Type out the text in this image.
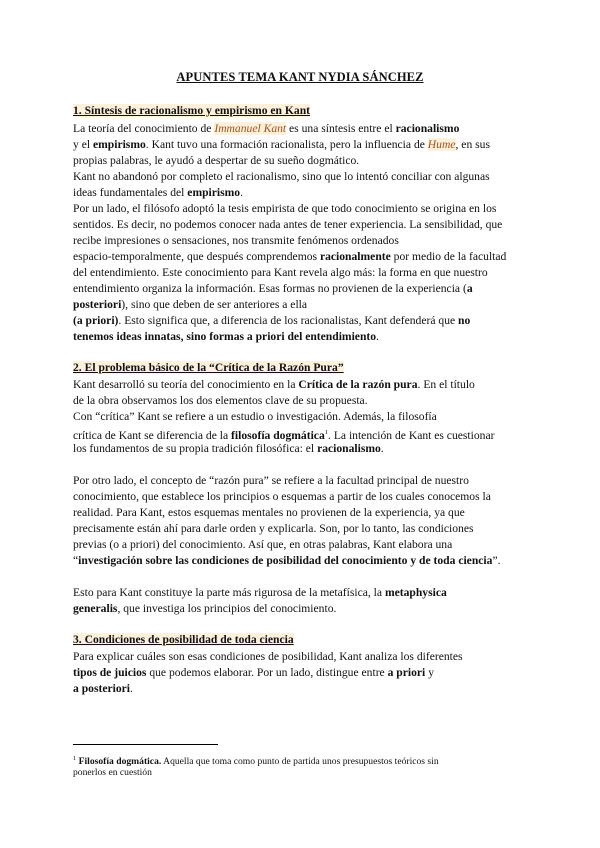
APUNTES TEMA KANT NYDIA SÁNCHEZ
1. Síntesis de racionalismo y empirismo en Kant
La teoría del conocimiento de Immanuel Kant es una síntesis entre el racionalismo
y el empirismo. Kant tuvo una formación racionalista, pero la influencia de Hume, en sus
propias palabras, le ayudó a despertar de su sueño dogmático.
Kant no abandonó por completo el racionalismo, sino que lo intentó conciliar con algunas
ideas fundamentales del empirismo.
Por un lado, el filósofo adoptó la tesis empirista de que todo conocimiento se origina en los
sentidos. Es decir, no podemos conocer nada antes de tener experiencia. La sensibilidad, que
recibe impresiones o sensaciones, nos transmite fenómenos ordenados
espacio-temporalmente, que después comprendemos racionalmente por medio de la facultad
del entendimiento. Este conocimiento para Kant revela algo más: la forma en que nuestro
entendimiento organiza la información. Esas formas no provienen de la experiencia (a
posteriori), sino que deben de ser anteriores a ella
(a priori). Esto significa que, a diferencia de los racionalistas, Kant defenderá que no
tenemos ideas innatas, sino formas a priori del entendimiento.
2. El problema básico de la “Crítica de la Razón Pura”
Kant desarrolló su teoría del conocimiento en la Crítica de la razón pura. En el título
de la obra observamos los dos elementos clave de su propuesta.
Con “crítica” Kant se refiere a un estudio o investigación. Además, la filosofía
crítica de Kant se diferencia de la filosofía dogmática$^1$. La intención de Kant es cuestionar
los fundamentos de su propia tradición filosófica: el racionalismo.
Por otro lado, el concepto de “razón pura” se refiere a la facultad principal de nuestro
conocimiento, que establece los principios o esquemas a partir de los cuales conocemos la
realidad. Para Kant, estos esquemas mentales no provienen de la experiencia, ya que
precisamente están ahí para darle orden y explicarla. Son, por lo tanto, las condiciones
previas (o a priori) del conocimiento. Así que, en otras palabras, Kant elabora una
“investigación sobre las condiciones de posibilidad del conocimiento y de toda ciencia”.
Esto para Kant constituye la parte más rigurosa de la metafísica, la metaphysica
generalis, que investiga los principios del conocimiento.
3. Condiciones de posibilidad de toda ciencia
Para explicar cuáles son esas condiciones de posibilidad, Kant analiza los diferentes
tipos de juicios que podemos elaborar. Por un lado, distingue entre a priori y
a posteriori.
$^1$ Filosofía dogmática. Aquella que toma como punto de partida unos presupuestos teóricos sin
ponerlos en cuestión
